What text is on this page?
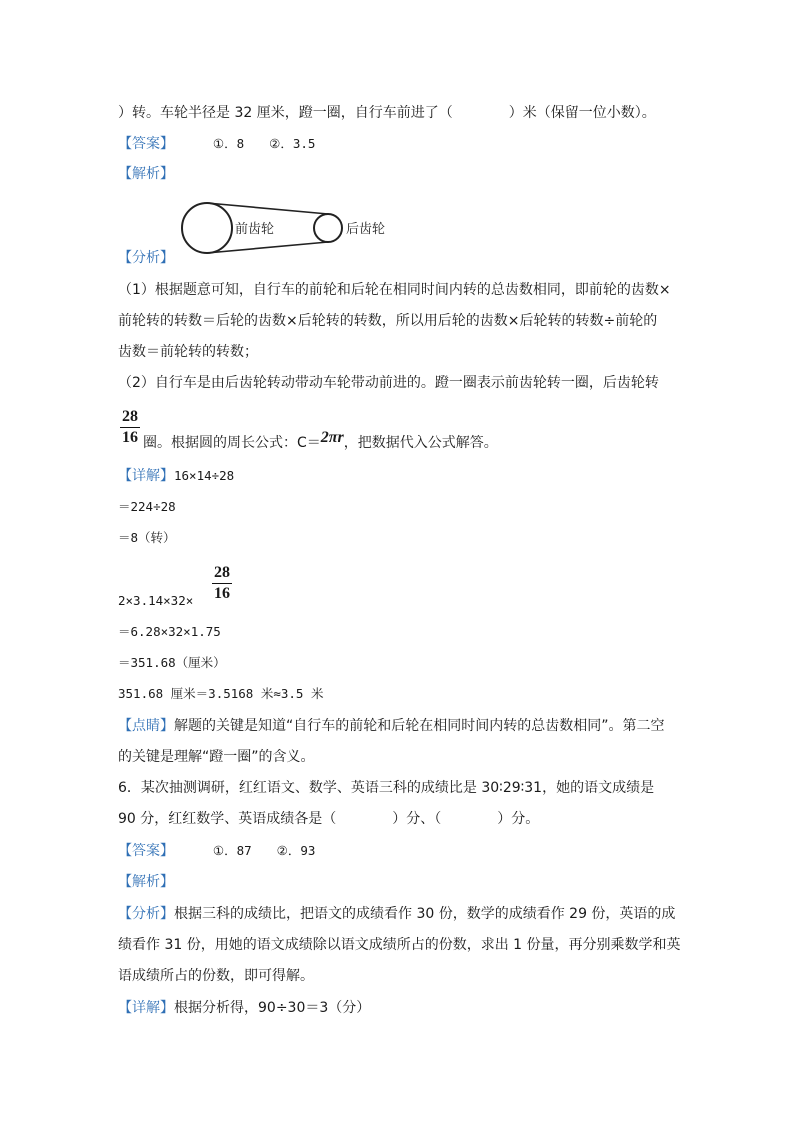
）转。车轮半径是 32 厘米，蹬一圈，自行车前进了（　　　　）米（保留一位小数）。
【答案】	①．8　　②．3.5
【解析】
前齿轮	后齿轮
【分析】
（1）根据题意可知，自行车的前轮和后轮在相同时间内转的总齿数相同，即前轮的齿数×
前轮转的转数＝后轮的齿数×后轮转的转数，所以用后轮的齿数×后轮转的转数÷前轮的
齿数＝前轮转的转数；
（2）自行车是由后齿轮转动带动车轮带动前进的。蹬一圈表示前齿轮转一圈，后齿轮转
28
16 圈。根据圆的周长公式：C＝2πr，把数据代入公式解答。
【详解】16×14÷28
＝224÷28
＝8（转）
28
16
2×3.14×32×
＝6.28×32×1.75
＝351.68（厘米）
351.68 厘米＝3.5168 米≈3.5 米
【点睛】解题的关键是知道“自行车的前轮和后轮在相同时间内转的总齿数相同”。第二空
的关键是理解“蹬一圈”的含义。
6．某次抽测调研，红红语文、数学、英语三科的成绩比是 30∶29∶31，她的语文成绩是
90 分，红红数学、英语成绩各是（　　　　）分、（　　　　）分。
【答案】	①．87　　②．93
【解析】
【分析】根据三科的成绩比，把语文的成绩看作 30 份，数学的成绩看作 29 份，英语的成
绩看作 31 份，用她的语文成绩除以语文成绩所占的份数，求出 1 份量，再分别乘数学和英
语成绩所占的份数，即可得解。
【详解】根据分析得，90÷30＝3（分）
